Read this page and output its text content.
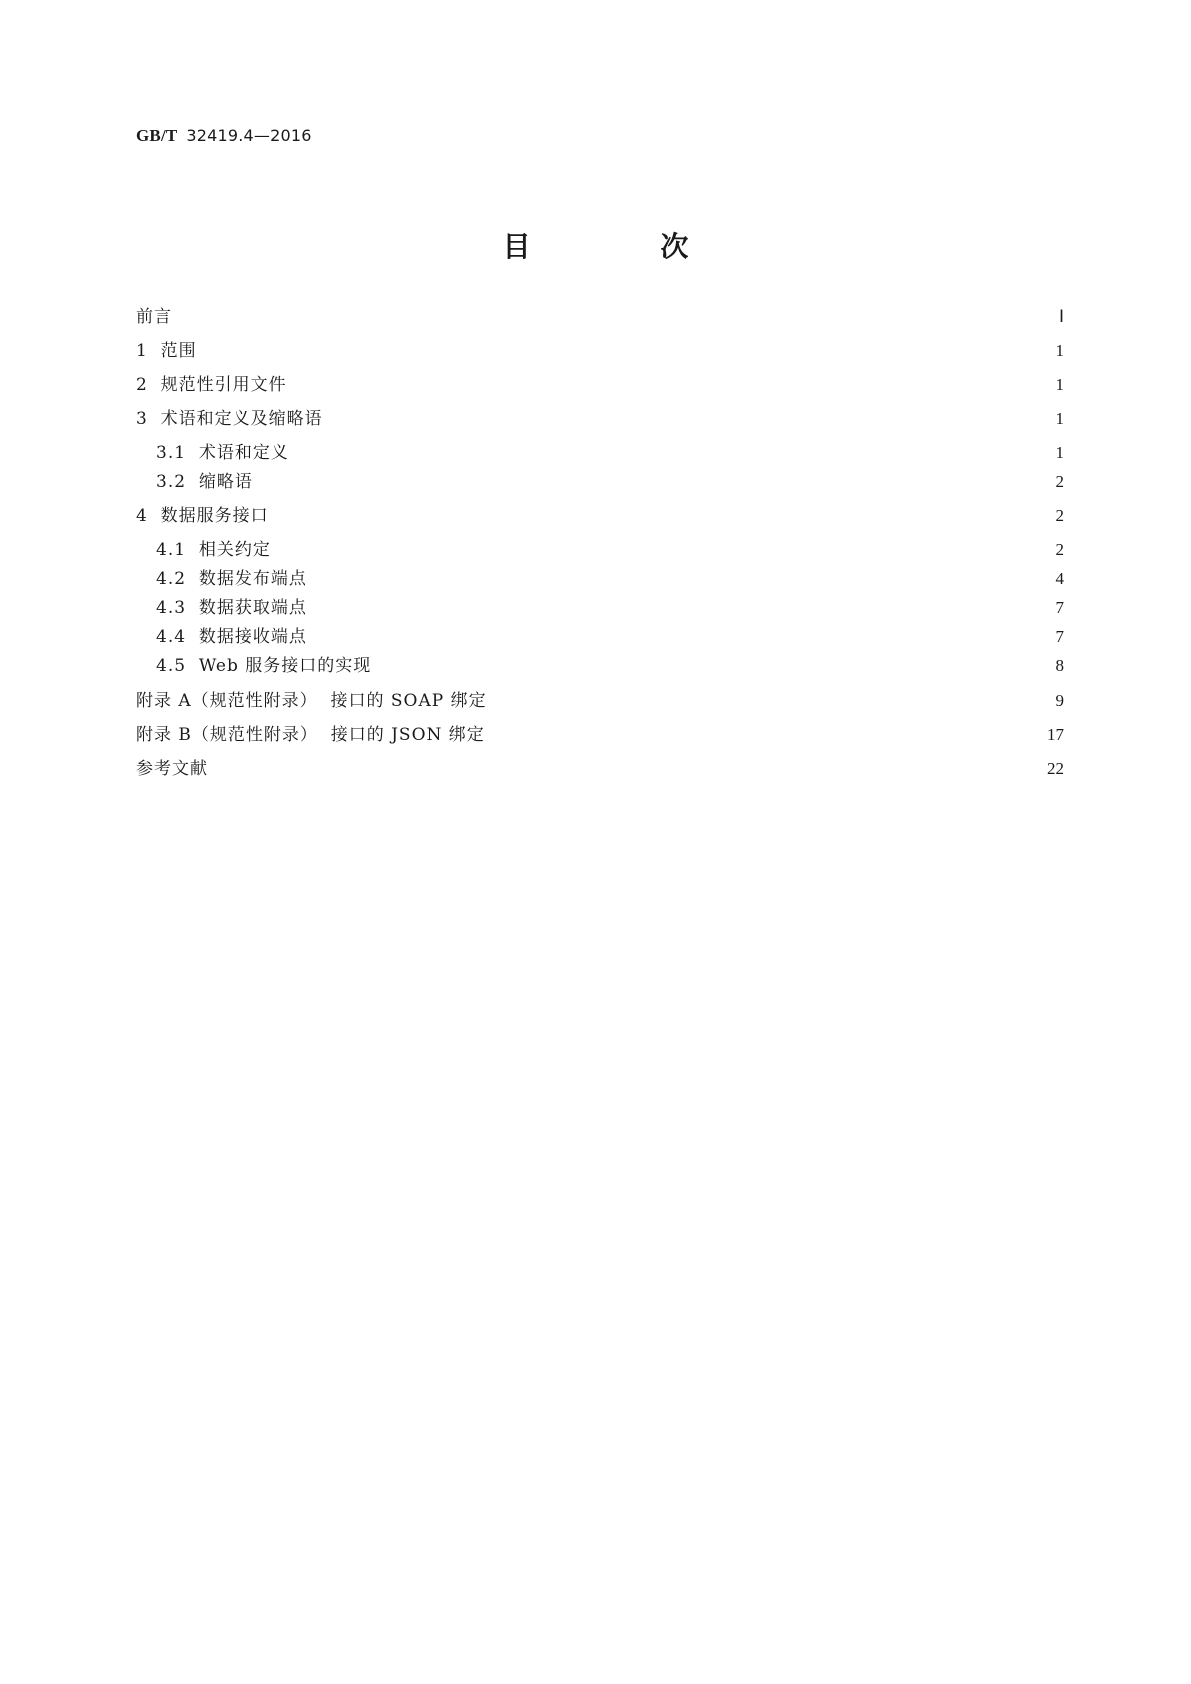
GB/T 32419.4—2016
目 次
前言	Ⅰ
1  范围	1
2  规范性引用文件	1
3  术语和定义及缩略语	1
3.1  术语和定义	1
3.2  缩略语	2
4  数据服务接口	2
4.1  相关约定	2
4.2  数据发布端点	4
4.3  数据获取端点	7
4.4  数据接收端点	7
4.5  Web 服务接口的实现	8
附录 A（规范性附录）  接口的 SOAP 绑定	9
附录 B（规范性附录）  接口的 JSON 绑定	17
参考文献	22
